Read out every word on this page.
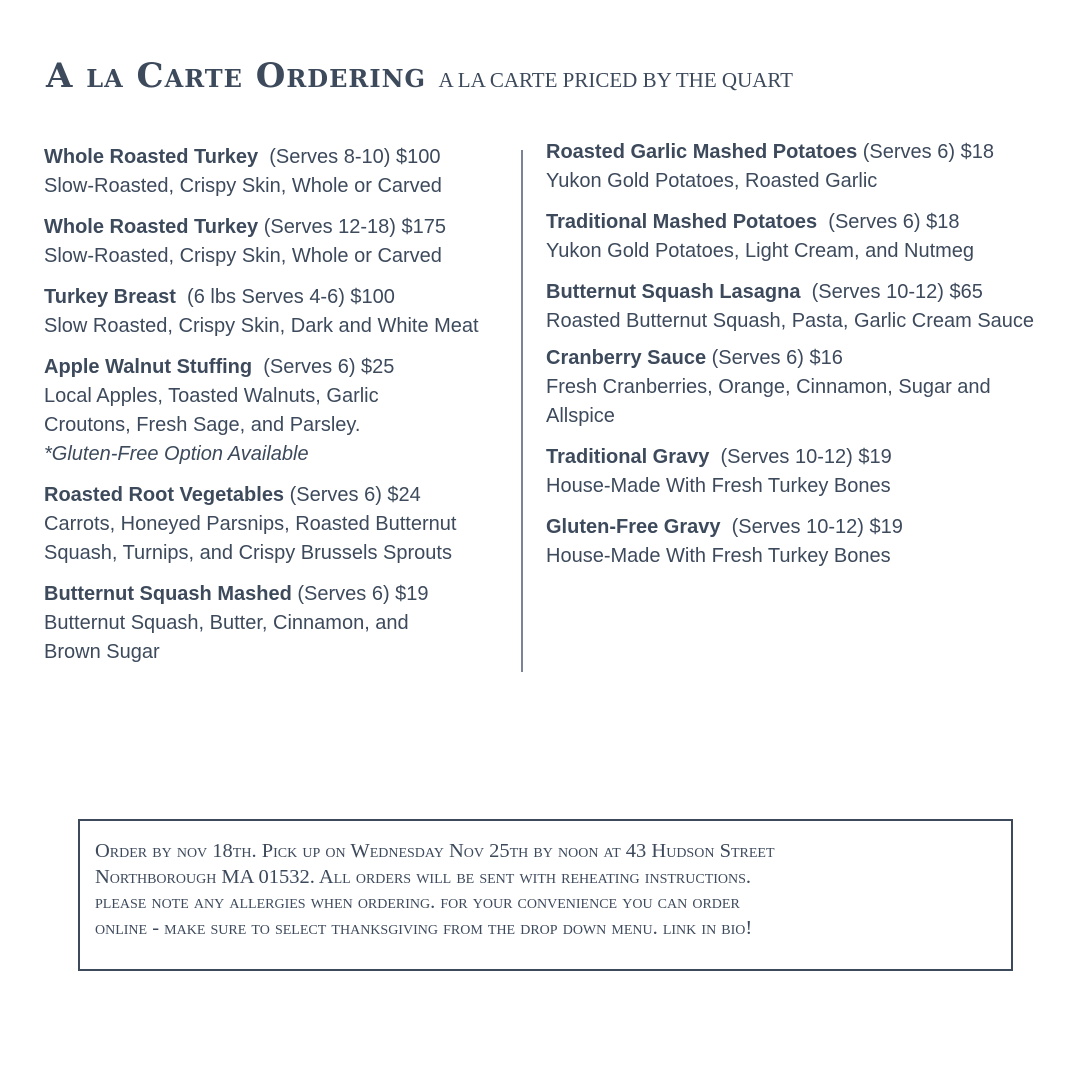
A la Carte Ordering A LA CARTE PRICED BY THE QUART
Whole Roasted Turkey (Serves 8-10) $100
Slow-Roasted, Crispy Skin, Whole or Carved
Whole Roasted Turkey (Serves 12-18) $175
Slow-Roasted, Crispy Skin, Whole or Carved
Turkey Breast (6 lbs Serves 4-6) $100
Slow Roasted, Crispy Skin, Dark and White Meat
Apple Walnut Stuffing (Serves 6) $25
Local Apples, Toasted Walnuts, Garlic Croutons, Fresh Sage, and Parsley.
*Gluten-Free Option Available
Roasted Root Vegetables (Serves 6) $24
Carrots, Honeyed Parsnips, Roasted Butternut Squash, Turnips, and Crispy Brussels Sprouts
Butternut Squash Mashed (Serves 6) $19
Butternut Squash, Butter, Cinnamon, and Brown Sugar
Roasted Garlic Mashed Potatoes (Serves 6) $18
Yukon Gold Potatoes, Roasted Garlic
Traditional Mashed Potatoes (Serves 6) $18
Yukon Gold Potatoes, Light Cream, and Nutmeg
Butternut Squash Lasagna (Serves 10-12) $65
Roasted Butternut Squash, Pasta, Garlic Cream Sauce
Cranberry Sauce (Serves 6) $16
Fresh Cranberries, Orange, Cinnamon, Sugar and Allspice
Traditional Gravy (Serves 10-12) $19
House-Made With Fresh Turkey Bones
Gluten-Free Gravy (Serves 10-12) $19
House-Made With Fresh Turkey Bones

Order by nov 18th. Pick up on Wednesday Nov 25th by noon at 43 Hudson Street

Northborough MA 01532. All orders will be sent with reheating instructions.

please note any allergies when ordering. for your convenience you can order

online - make sure to select thanksgiving from the drop down menu. link in bio!
